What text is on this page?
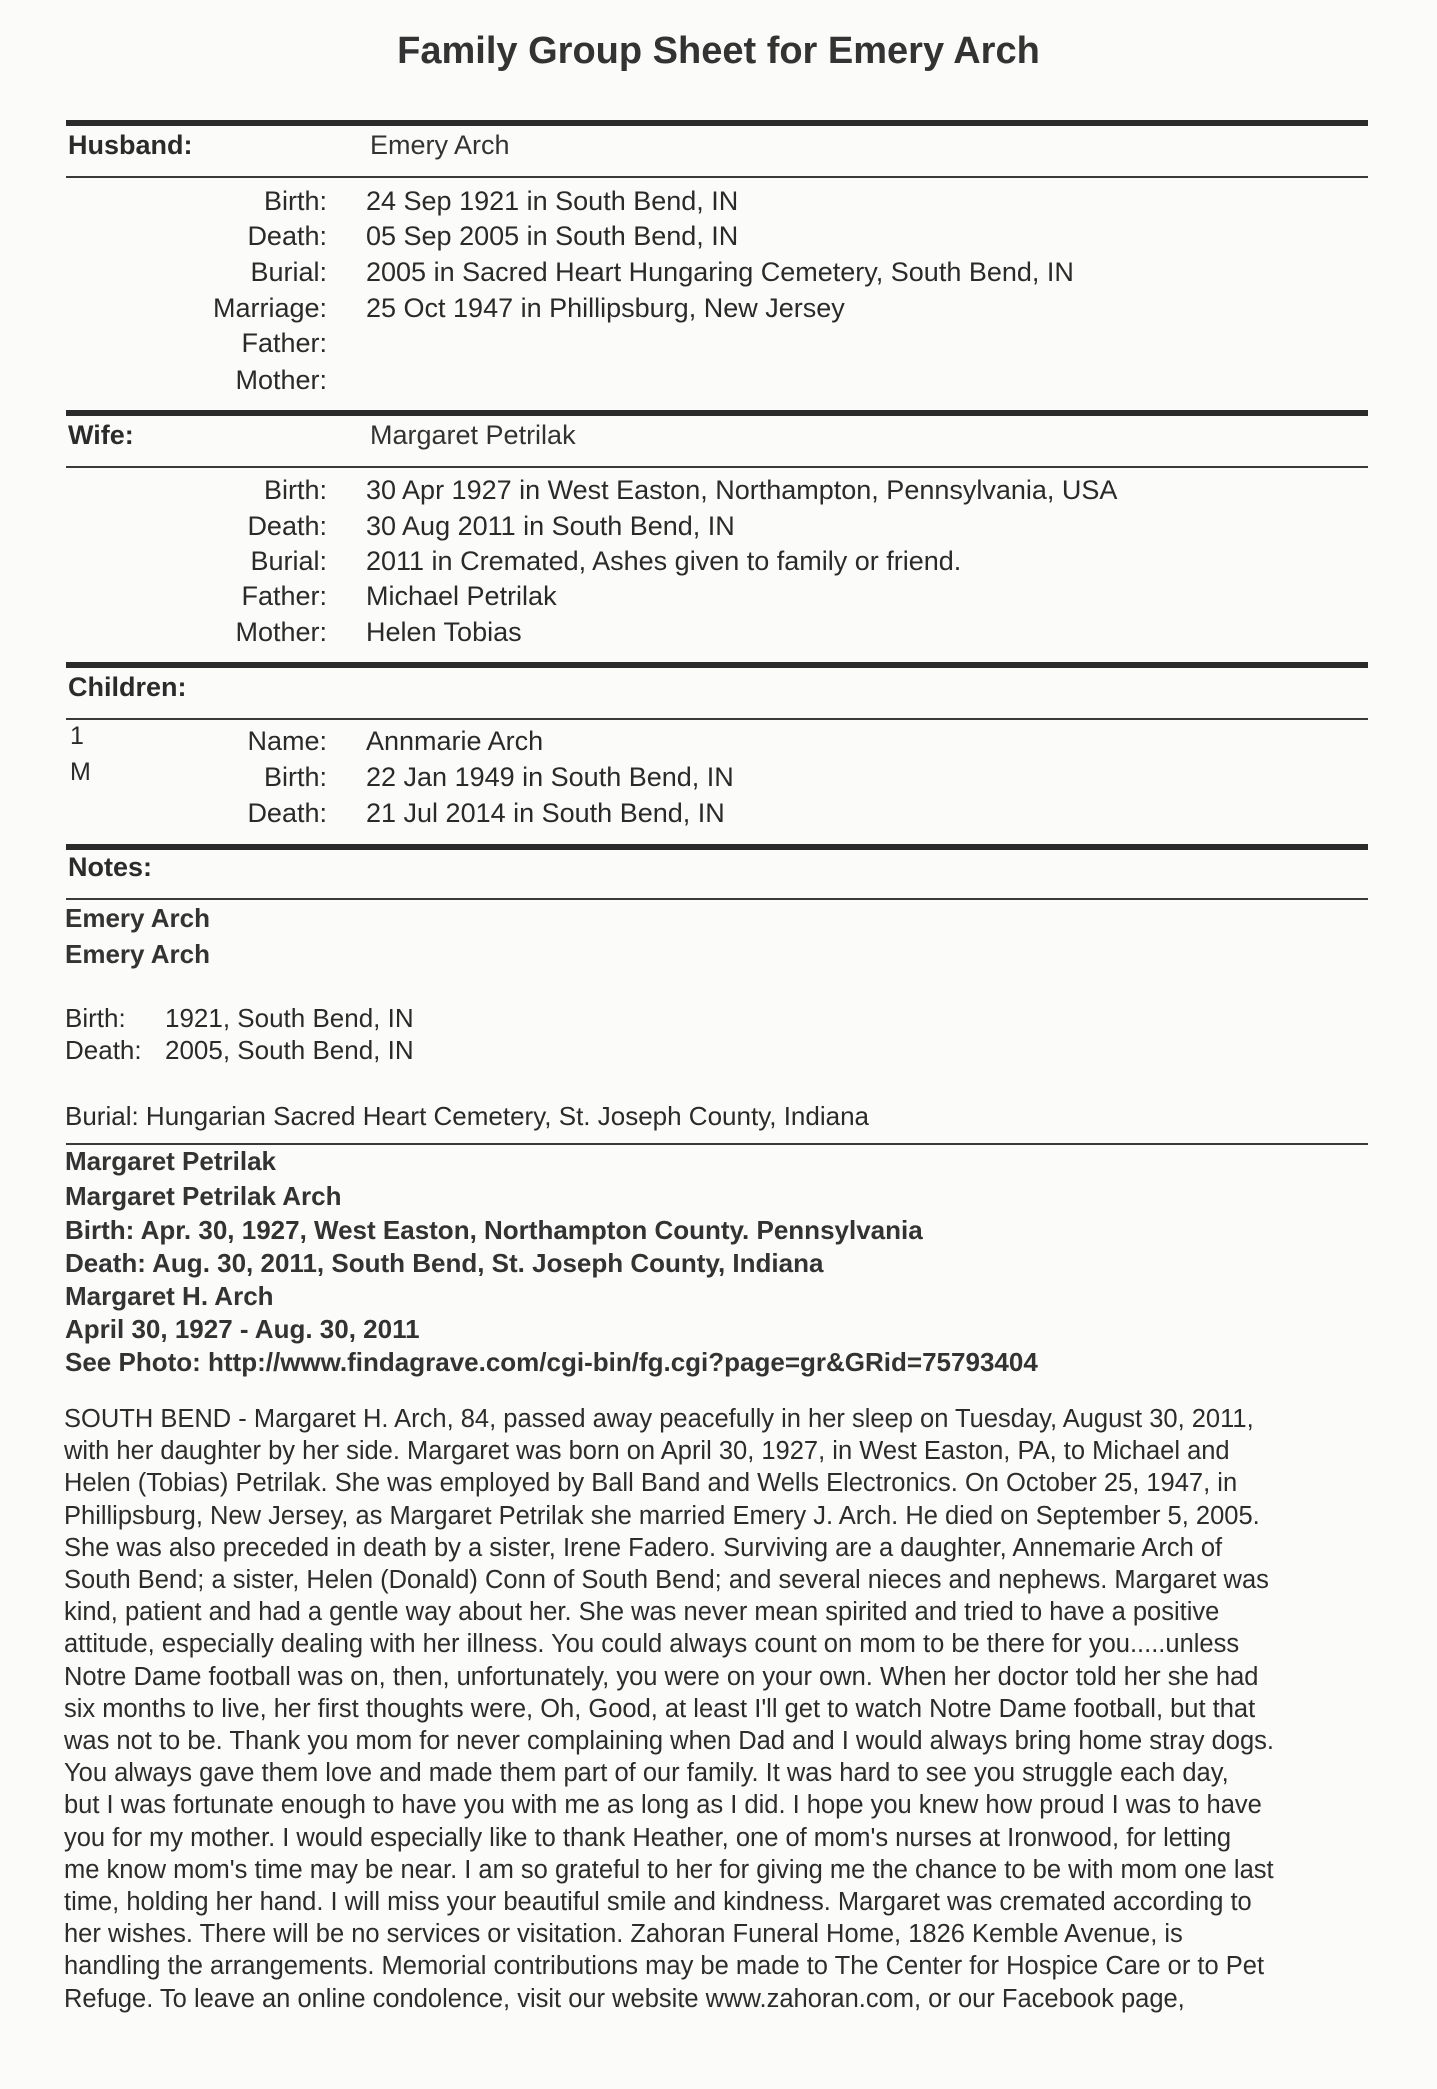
Family Group Sheet for Emery Arch
Husband:	Emery Arch
Birth: 24 Sep 1921 in South Bend, IN
Death: 05 Sep 2005 in South Bend, IN
Burial: 2005 in Sacred Heart Hungaring Cemetery, South Bend, IN
Marriage: 25 Oct 1947 in Phillipsburg, New Jersey
Father:
Mother:
Wife:	Margaret Petrilak
Birth: 30 Apr 1927 in West Easton, Northampton, Pennsylvania, USA
Death: 30 Aug 2011 in South Bend, IN
Burial: 2011 in Cremated, Ashes given to family or friend.
Father: Michael Petrilak
Mother: Helen Tobias
Children:
1
M
Name: Annmarie Arch
Birth: 22 Jan 1949 in South Bend, IN
Death: 21 Jul 2014 in South Bend, IN
Notes:
Emery Arch
Emery Arch
Birth: 1921, South Bend, IN
Death: 2005, South Bend, IN
Burial: Hungarian Sacred Heart Cemetery, St. Joseph County, Indiana
Margaret Petrilak
Margaret Petrilak Arch
Birth: Apr. 30, 1927, West Easton, Northampton County. Pennsylvania
Death: Aug. 30, 2011, South Bend, St. Joseph County, Indiana
Margaret H. Arch
April 30, 1927 - Aug. 30, 2011
See Photo: http://www.findagrave.com/cgi-bin/fg.cgi?page=gr&GRid=75793404
SOUTH BEND - Margaret H. Arch, 84, passed away peacefully in her sleep on Tuesday, August 30, 2011,
with her daughter by her side. Margaret was born on April 30, 1927, in West Easton, PA, to Michael and
Helen (Tobias) Petrilak. She was employed by Ball Band and Wells Electronics. On October 25, 1947, in
Phillipsburg, New Jersey, as Margaret Petrilak she married Emery J. Arch. He died on September 5, 2005.
She was also preceded in death by a sister, Irene Fadero. Surviving are a daughter, Annemarie Arch of
South Bend; a sister, Helen (Donald) Conn of South Bend; and several nieces and nephews. Margaret was
kind, patient and had a gentle way about her. She was never mean spirited and tried to have a positive
attitude, especially dealing with her illness. You could always count on mom to be there for you.....unless
Notre Dame football was on, then, unfortunately, you were on your own. When her doctor told her she had
six months to live, her first thoughts were, Oh, Good, at least I'll get to watch Notre Dame football, but that
was not to be. Thank you mom for never complaining when Dad and I would always bring home stray dogs.
You always gave them love and made them part of our family. It was hard to see you struggle each day,
but I was fortunate enough to have you with me as long as I did. I hope you knew how proud I was to have
you for my mother. I would especially like to thank Heather, one of mom's nurses at Ironwood, for letting
me know mom's time may be near. I am so grateful to her for giving me the chance to be with mom one last
time, holding her hand. I will miss your beautiful smile and kindness. Margaret was cremated according to
her wishes. There will be no services or visitation. Zahoran Funeral Home, 1826 Kemble Avenue, is
handling the arrangements. Memorial contributions may be made to The Center for Hospice Care or to Pet
Refuge. To leave an online condolence, visit our website www.zahoran.com, or our Facebook page,
